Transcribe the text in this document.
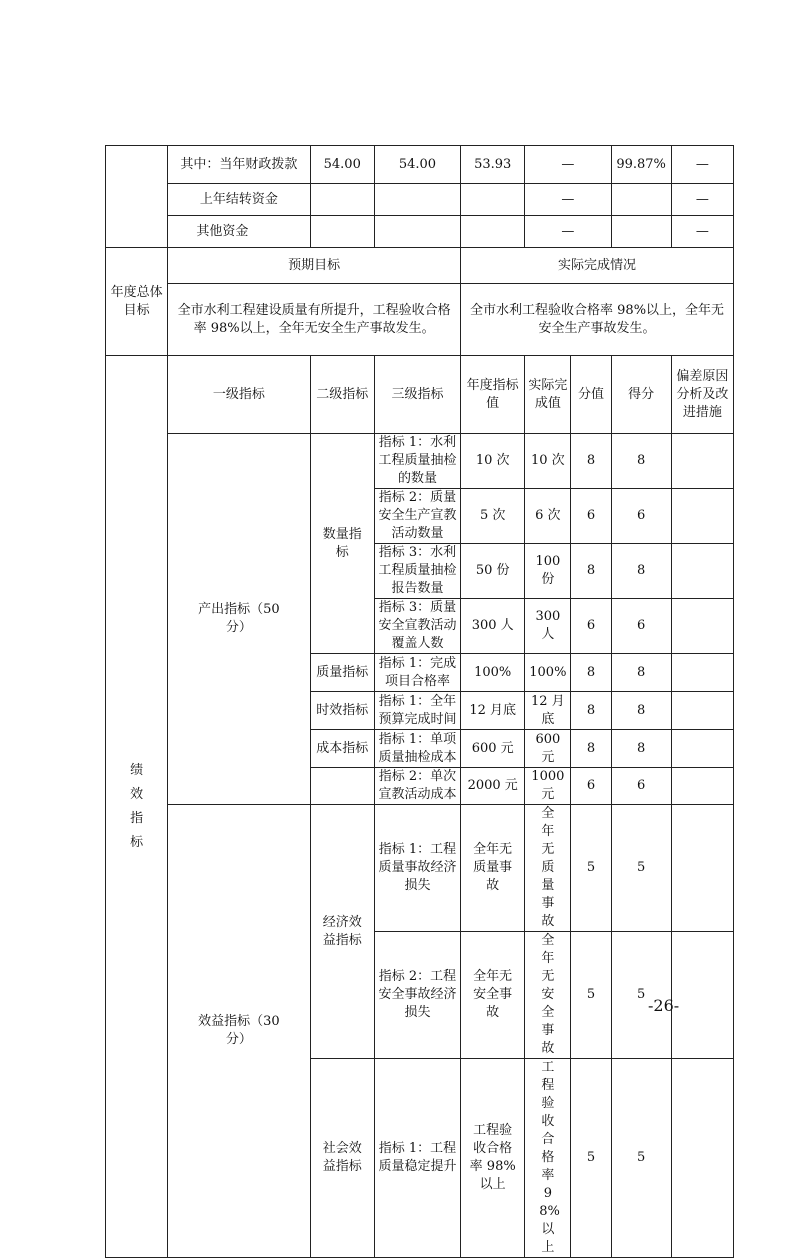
	其中：当年财政拨款	54.00	54.00	53.93	—		99.87%	—
	上年结转资金				—			—
	其他资金				—			—
年度总体目标	预期目标			实际完成情况				
	全市水利工程建设质量有所提升，工程验收合格率 98%以上，全年无安全生产事故发生。			全市水利工程验收合格率 98%以上，全年无安全生产事故发生。				
绩效指标	一级指标	二级指标	三级指标	年度指标值	实际完成值	分值	得分	偏差原因分析及改进措施
	产出指标（50 分）	数量指标	指标 1：水利工程质量抽检的数量	10 次	10 次	8	8	
			指标 2：质量安全生产宣教活动数量	5 次	6 次	6	6	
			指标 3：水利工程质量抽检报告数量	50 份	100 份	8	8	
			指标 3：质量安全宣教活动覆盖人数	300 人	300 人	6	6	
		质量指标	指标 1：完成项目合格率	100%	100%	8	8	
		时效指标	指标 1：全年预算完成时间	12 月底	12 月底	8	8	
		成本指标	指标 1：单项质量抽检成本	600 元	600 元	8	8	
			指标 2：单次宣教活动成本	2000 元	1000 元	6	6	
	效益指标（30 分）	经济效益指标	指标 1：工程质量事故经济损失	全年无质量事故	全年无质量事故	5	5	
			指标 2：工程安全事故经济损失	全年无安全事故	全年无安全事故	5	5	
		社会效益指标	指标 1：工程质量稳定提升	工程验收合格率 98%以上	工程验收合格率 98%以上	5	5	
-26-
